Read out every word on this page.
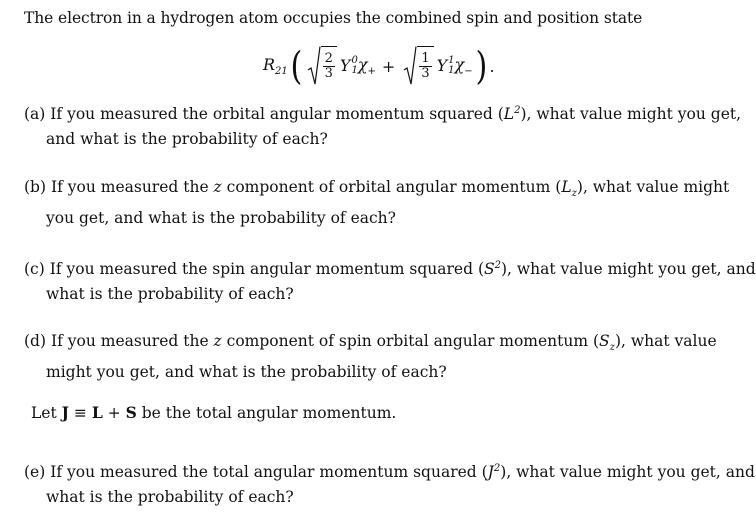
The electron in a hydrogen atom occupies the combined spin and position state
$R_{21}$ ( $\frac{2}{3}$ Y 0
1 $\chi_+ + \frac{1}{3}$ Y 1
1 $\chi_-$ ) .
(a) If you measured the orbital angular momentum squared $(L^2)$, what value might you get,
and what is the probability of each?
(b) If you measured the z component of orbital angular momentum $(L_z)$, what value might
you get, and what is the probability of each?
(c) If you measured the spin angular momentum squared $(S^2)$, what value might you get, and
what is the probability of each?
(d) If you measured the z component of spin orbital angular momentum $(S_z)$, what value
might you get, and what is the probability of each?
Let J ≡ L + S be the total angular momentum.
(e) If you measured the total angular momentum squared $(J^2)$, what value might you get, and
what is the probability of each?
